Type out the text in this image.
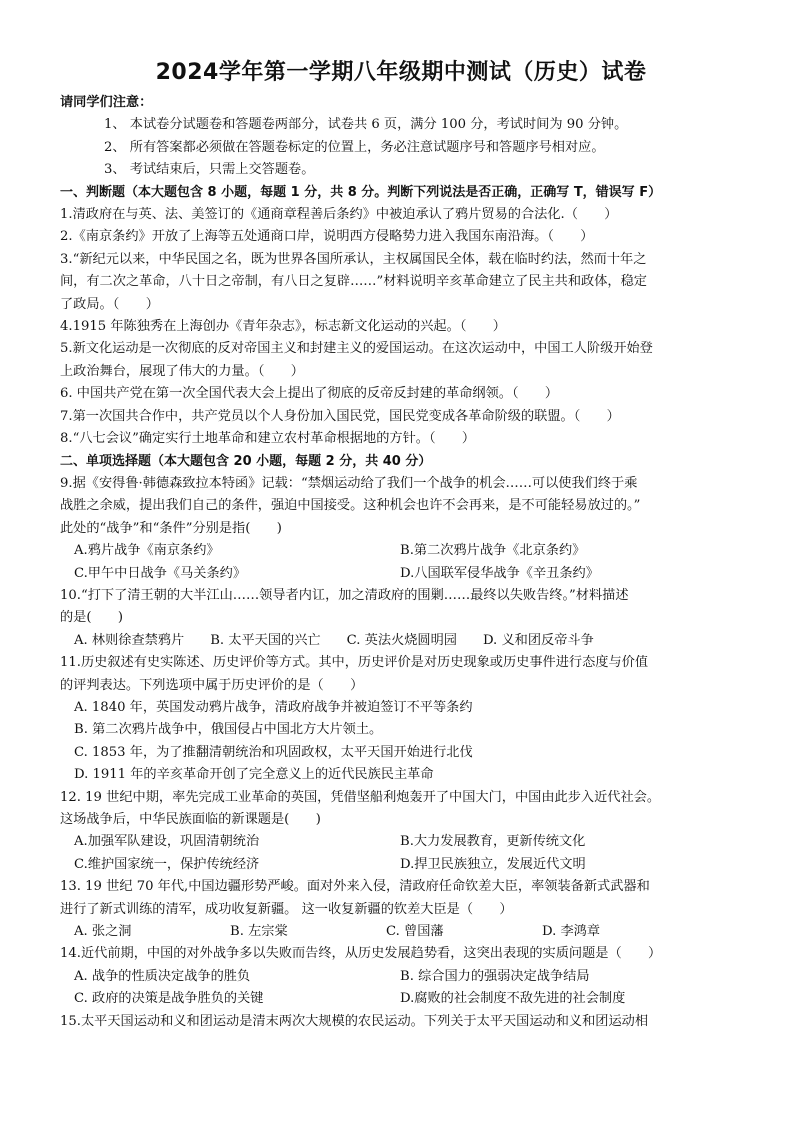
2024学年第一学期八年级期中测试（历史）试卷
请同学们注意：
1、 本试卷分试题卷和答题卷两部分，试卷共 6 页，满分 100 分，考试时间为 90 分钟。
2、 所有答案都必须做在答题卷标定的位置上，务必注意试题序号和答题序号相对应。
3、 考试结束后，只需上交答题卷。
一、判断题（本大题包含 8 小题，每题 1 分，共 8 分。判断下列说法是否正确，正确写 T，错误写 F）
1.清政府在与英、法、美签订的《通商章程善后条约》中被迫承认了鸦片贸易的合法化.（　　）
2.《南京条约》开放了上海等五处通商口岸，说明西方侵略势力进入我国东南沿海。（　　）
3.“新纪元以来，中华民国之名，既为世界各国所承认，主权属国民全体，载在临时约法，然而十年之
间，有二次之革命，八十日之帝制，有八日之复辟……”材料说明辛亥革命建立了民主共和政体，稳定
了政局。（　　）
4.1915 年陈独秀在上海创办《青年杂志》，标志新文化运动的兴起。（　　）
5.新文化运动是一次彻底的反对帝国主义和封建主义的爱国运动。在这次运动中，中国工人阶级开始登
上政治舞台，展现了伟大的力量。（　　）
6. 中国共产党在第一次全国代表大会上提出了彻底的反帝反封建的革命纲领。（　　）
7.第一次国共合作中，共产党员以个人身份加入国民党，国民党变成各革命阶级的联盟。（　　）
8.“八七会议”确定实行土地革命和建立农村革命根据地的方针。（　　）
二、单项选择题（本大题包含 20 小题，每题 2 分，共 40 分）
9.据《安得鲁·韩德森致拉本特函》记载：“禁烟运动给了我们一个战争的机会……可以使我们终于乘
战胜之余威，提出我们自己的条件，强迫中国接受。这种机会也许不会再来，是不可能轻易放过的。”
此处的“战争”和“条件”分别是指(　　)
A.鸦片战争《南京条约》	B.第二次鸦片战争《北京条约》
C.甲午中日战争《马关条约》	D.八国联军侵华战争《辛丑条约》
10.“打下了清王朝的大半江山……领导者内讧，加之清政府的围剿……最终以失败告终。”材料描述
的是(　　)
A. 林则徐查禁鸦片 B. 太平天国的兴亡 C. 英法火烧圆明园 D. 义和团反帝斗争
11.历史叙述有史实陈述、历史评价等方式。其中，历史评价是对历史现象或历史事件进行态度与价值
的评判表达。下列选项中属于历史评价的是（　　）
A. 1840 年，英国发动鸦片战争，清政府战争并被迫签订不平等条约
B. 第二次鸦片战争中，俄国侵占中国北方大片领土。
C. 1853 年，为了推翻清朝统治和巩固政权，太平天国开始进行北伐
D. 1911 年的辛亥革命开创了完全意义上的近代民族民主革命
12. 19 世纪中期，率先完成工业革命的英国，凭借坚船利炮轰开了中国大门，中国由此步入近代社会。
这场战争后，中华民族面临的新课题是(　　)
A.加强军队建设，巩固清朝统治	B.大力发展教育，更新传统文化
C.维护国家统一，保护传统经济	D.捍卫民族独立，发展近代文明
13. 19 世纪 70 年代,中国边疆形势严峻。面对外来入侵，清政府任命钦差大臣，率领装备新式武器和
进行了新式训练的清军，成功收复新疆。 这一收复新疆的钦差大臣是（　　）
A. 张之洞	B. 左宗棠	C. 曾国藩	D. 李鸿章
14.近代前期，中国的对外战争多以失败而告终，从历史发展趋势看，这突出表现的实质问题是（　　）
A. 战争的性质决定战争的胜负	B. 综合国力的强弱决定战争结局
C. 政府的决策是战争胜负的关键	D.腐败的社会制度不敌先进的社会制度
15.太平天国运动和义和团运动是清末两次大规模的农民运动。下列关于太平天国运动和义和团运动相
